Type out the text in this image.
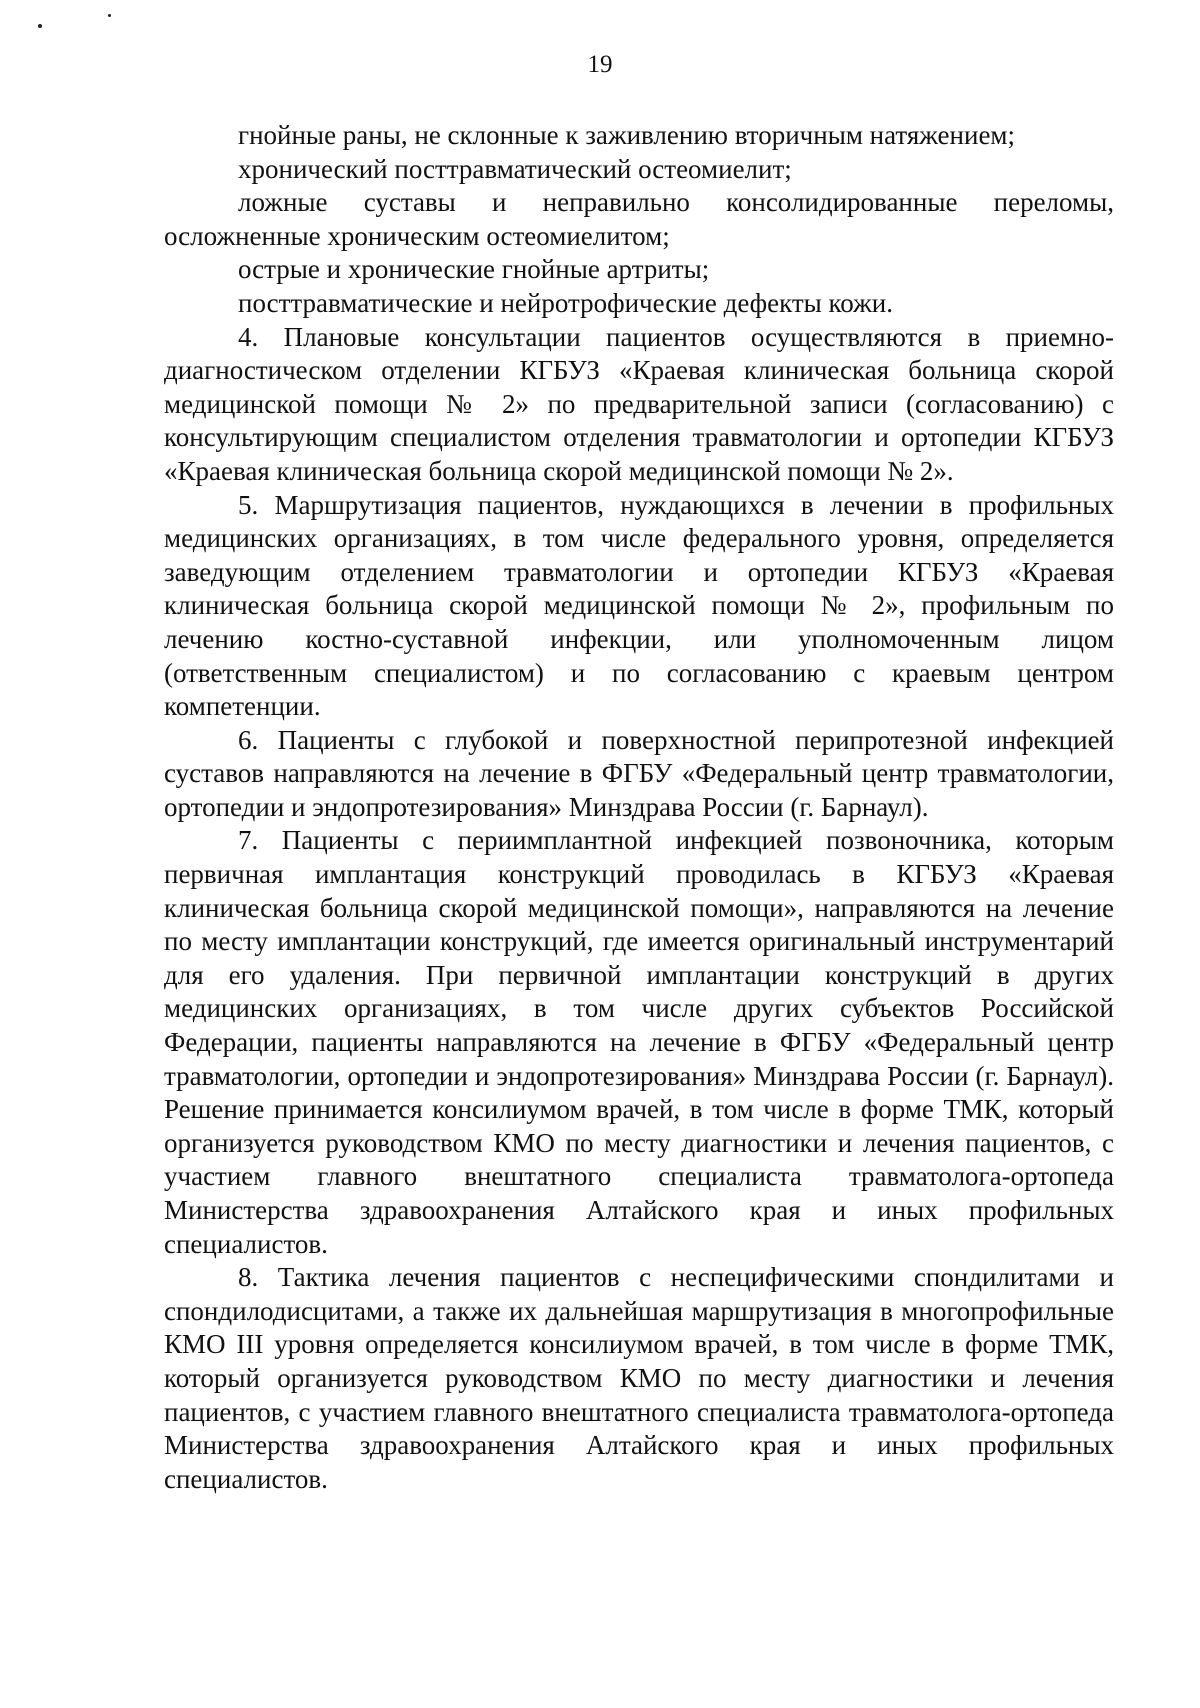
19

гнойные раны, не склонные к заживлению вторичным натяжением;

хронический посттравматический остеомиелит;

ложные суставы и неправильно консолидированные переломы, осложненные хроническим остеомиелитом;

острые и хронические гнойные артриты;

посттравматические и нейротрофические дефекты кожи.

4. Плановые консультации пациентов осуществляются в приемно-диагностическом отделении КГБУЗ «Краевая клиническая больница скорой медицинской помощи № 2» по предварительной записи (согласованию) с консультирующим специалистом отделения травматологии и ортопедии КГБУЗ «Краевая клиническая больница скорой медицинской помощи № 2».

5. Маршрутизация пациентов, нуждающихся в лечении в профильных медицинских организациях, в том числе федерального уровня, определяется заведующим отделением травматологии и ортопедии КГБУЗ «Краевая клиническая больница скорой медицинской помощи № 2», профильным по лечению костно-суставной инфекции, или уполномоченным лицом (ответственным специалистом) и по согласованию с краевым центром компетенции.

6. Пациенты с глубокой и поверхностной перипротезной инфекцией суставов направляются на лечение в ФГБУ «Федеральный центр травматологии, ортопедии и эндопротезирования» Минздрава России (г. Барнаул).

7. Пациенты с периимплантной инфекцией позвоночника, которым первичная имплантация конструкций проводилась в КГБУЗ «Краевая клиническая больница скорой медицинской помощи», направляются на лечение по месту имплантации конструкций, где имеется оригинальный инструментарий для его удаления. При первичной имплантации конструкций в других медицинских организациях, в том числе других субъектов Российской Федерации, пациенты направляются на лечение в ФГБУ «Федеральный центр травматологии, ортопедии и эндопротезирования» Минздрава России (г. Барнаул). Решение принимается консилиумом врачей, в том числе в форме ТМК, который организуется руководством КМО по месту диагностики и лечения пациентов, с участием главного внештатного специалиста травматолога-ортопеда Министерства здравоохранения Алтайского края и иных профильных специалистов.

8. Тактика лечения пациентов с неспецифическими спондилитами и спондилодисцитами, а также их дальнейшая маршрутизация в многопрофильные КМО III уровня определяется консилиумом врачей, в том числе в форме ТМК, который организуется руководством КМО по месту диагностики и лечения пациентов, с участием главного внештатного специалиста травматолога-ортопеда Министерства здравоохранения Алтайского края и иных профильных специалистов.
